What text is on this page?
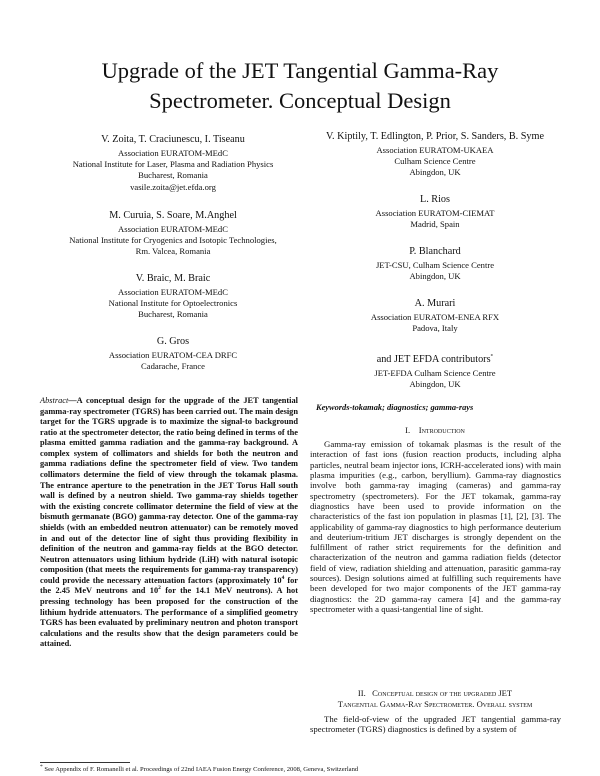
Upgrade of the JET Tangential Gamma-Ray
Spectrometer. Conceptual Design
V. Zoita, T. Craciunescu, I. Tiseanu
Association EURATOM-MEdC
National Institute for Laser, Plasma and Radiation Physics
Bucharest, Romania
vasile.zoita@jet.efda.org
M. Curuia, S. Soare, M.Anghel
Association EURATOM-MEdC
National Institute for Cryogenics and Isotopic Technologies,
Rm. Valcea, Romania
V. Braic, M. Braic
Association EURATOM-MEdC
National Institute for Optoelectronics
Bucharest, Romania
G. Gros
Association EURATOM-CEA DRFC
Cadarache, France
V. Kiptily, T. Edlington, P. Prior, S. Sanders, B. Syme
Association EURATOM-UKAEA
Culham Science Centre
Abingdon, UK
L. Rios
Association EURATOM-CIEMAT
Madrid, Spain
P. Blanchard
JET-CSU, Culham Science Centre
Abingdon, UK
A. Murari
Association EURATOM-ENEA RFX
Padova, Italy
and JET EFDA contributors*
JET-EFDA Culham Science Centre
Abingdon, UK
Abstract—A conceptual design for the upgrade of the JET tangential gamma-ray spectrometer (TGRS) has been carried out. The main design target for the TGRS upgrade is to maximize the signal-to background ratio at the spectrometer detector, the ratio being defined in terms of the plasma emitted gamma radiation and the gamma-ray background. A complex system of collimators and shields for both the neutron and gamma radiations define the spectrometer field of view. Two tandem collimators determine the field of view through the tokamak plasma. The entrance aperture to the penetration in the JET Torus Hall south wall is defined by a neutron shield. Two gamma-ray shields together with the existing concrete collimator determine the field of view at the bismuth germanate (BGO) gamma-ray detector. One of the gamma-ray shields (with an embedded neutron attenuator) can be remotely moved in and out of the detector line of sight thus providing flexibility in definition of the neutron and gamma-ray fields at the BGO detector. Neutron attenuators using lithium hydride (LiH) with natural isotopic composition (that meets the requirements for gamma-ray transparency) could provide the necessary attenuation factors (approximately $10^4$ for the 2.45 MeV neutrons and $10^2$ for the 14.1 MeV neutrons). A hot pressing technology has been proposed for the construction of the lithium hydride attenuators. The performance of a simplified geometry TGRS has been evaluated by preliminary neutron and photon transport calculations and the results show that the design parameters could be attained.
Keywords-tokamak; diagnostics; gamma-rays
I. Introduction

Gamma-ray emission of tokamak plasmas is the result of the interaction of fast ions (fusion reaction products, including alpha particles, neutral beam injector ions, ICRH-accelerated ions) with main plasma impurities (e.g., carbon, beryllium). Gamma-ray diagnostics involve both gamma-ray imaging (cameras) and gamma-ray spectrometry (spectrometers). For the JET tokamak, gamma-ray diagnostics have been used to provide information on the characteristics of the fast ion population in plasmas [1], [2], [3]. The applicability of gamma-ray diagnostics to high performance deuterium and deuterium-tritium JET discharges is strongly dependent on the fulfillment of rather strict requirements for the definition and characterization of the neutron and gamma radiation fields (detector field of view, radiation shielding and attenuation, parasitic gamma-ray sources). Design solutions aimed at fulfilling such requirements have been developed for two major components of the JET gamma-ray diagnostics: the 2D gamma-ray camera [4] and the gamma-ray spectrometer with a quasi-tangential line of sight.

II. Conceptual design of the upgraded JET
Tangential Gamma-Ray Spectrometer. Overall system

The field-of-view of the upgraded JET tangential gamma-ray spectrometer (TGRS) diagnostics is defined by a system of

* See Appendix of F. Romanelli et al. Proceedings of 22nd IAEA Fusion Energy Conference, 2008, Geneva, Switzerland
